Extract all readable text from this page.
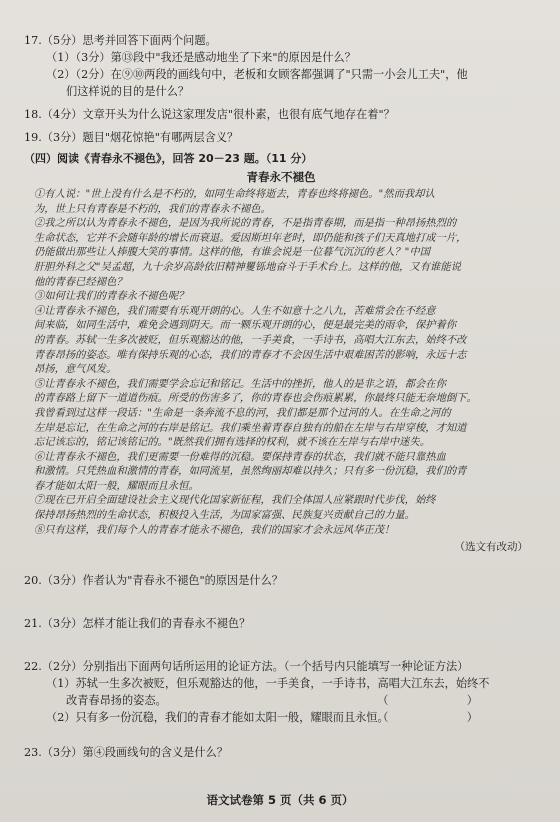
17.（5分）思考并回答下面两个问题。
（1）（3分）第⑬段中"我还是感动地坐了下来"的原因是什么？
（2）（2分）在⑨⑩两段的画线句中，老板和女顾客都强调了"只需一小会儿工夫"，他
们这样说的目的是什么？
18.（4分）文章开头为什么说这家理发店"很朴素，也很有底气地存在着"？
19.（3分）题目"烟花惊艳"有哪两层含义？
（四）阅读《青春永不褪色》，回答 20－23 题。（11 分）
青春永不褪色
①有人说："世上没有什么是不朽的，如同生命终将逝去，青春也终将褪色。"然而我却认
为，世上只有青春是不朽的，我们的青春永不褪色。
②我之所以认为青春永不褪色，是因为我所说的青春，不是指青春期，而是指一种昂扬热烈的
生命状态，它并不会随年龄的增长而衰退。爱因斯坦年老时，即仍能和孩子们天真地打成一片，
仍能做出那些让人捧腹大笑的事情。这样的他，有谁会说是一位暮气沉沉的老人？"中国
肝胆外科之父"吴孟超，九十余岁高龄依旧精神矍铄地奋斗于手术台上。这样的他，又有谁能说
他的青春已经褪色？
③如何让我们的青春永不褪色呢？
④让青春永不褪色，我们需要有乐观开朗的心。人生不如意十之八九，苦难常会在不经意
间来临，如同生活中，难免会遇到阴天。而一颗乐观开朗的心，便是最完美的雨伞，保护着你
的青春。苏轼一生多次被贬，但乐观豁达的他，一手美食，一手诗书，高唱大江东去，始终不改
青春昂扬的姿态。唯有保持乐观的心态，我们的青春才不会因生活中艰难困苦的影响，永远十志
昂扬，意气风发。
⑤让青春永不褪色，我们需要学会忘记和铭记。生活中的挫折，他人的是非之语，都会在你
的青春路上留下一道道伤痕。所受的伤害多了，你的青春也会伤痕累累，你最终只能无奈地倒下。
我曾看到过这样一段话："生命是一条奔流不息的河，我们都是那个过河的人。在生命之河的
左岸是忘记，在生命之河的右岸是铭记。我们乘坐着青春自独有的船在左岸与右岸穿梭，才知道
忘记该忘的，铭记该铭记的。"既然我们拥有选择的权利，就不该在左岸与右岸中迷失。
⑥让青春永不褪色，我们更需要一份难得的沉稳。要保持青春的状态，我们就不能只靠热血
和激情。只凭热血和激情的青春，如同流星，虽然绚丽却难以持久；只有多一份沉稳，我们的青
春才能如太阳一般，耀眼而且永恒。
⑦现在已开启全面建设社会主义现代化国家新征程，我们全体国人应紧跟时代步伐，始终
保持昂扬热烈的生命状态，积极投入生活，为国家富强、民族复兴贡献自己的力量。
⑧只有这样，我们每个人的青春才能永不褪色，我们的国家才会永远风华正茂！
（选文有改动）
20.（3分）作者认为"青春永不褪色"的原因是什么？
21.（3分）怎样才能让我们的青春永不褪色？
22.（2分）分别指出下面两句话所运用的论证方法。（一个括号内只能填写一种论证方法）
（1）苏轼一生多次被贬，但乐观豁达的他，一手美食，一手诗书，高唱大江东去，始终不
改青春昂扬的姿态。	（　　　　　　　）
（2）只有多一份沉稳，我们的青春才能如太阳一般，耀眼而且永恒。
（　　　　　　　）
23.（3分）第④段画线句的含义是什么？
语文试卷第 5 页（共 6 页）
